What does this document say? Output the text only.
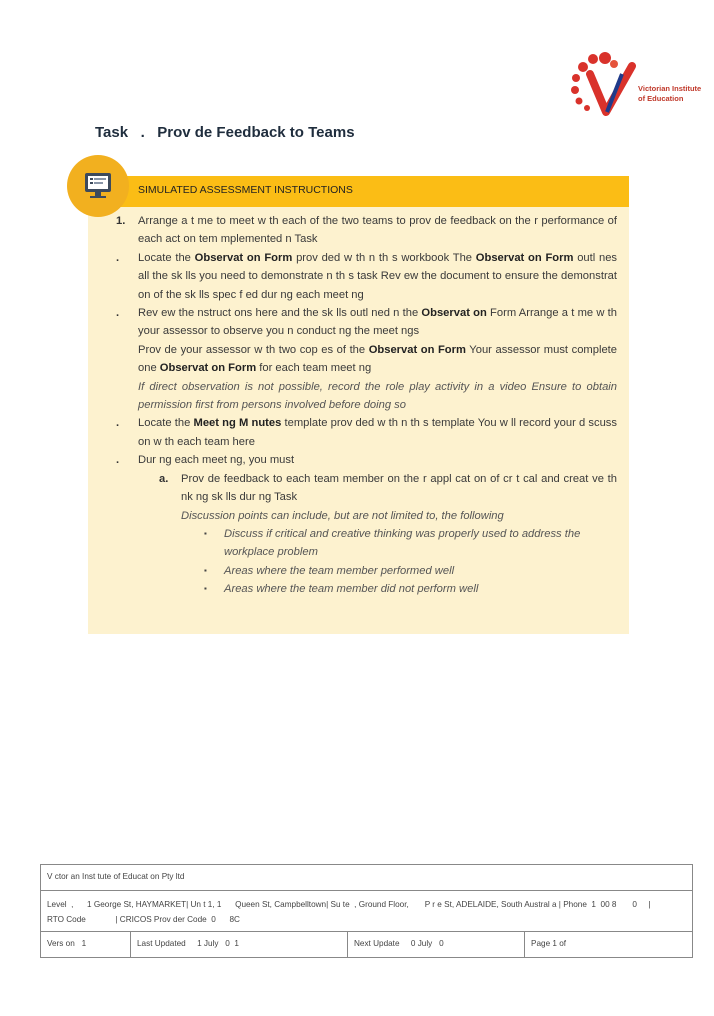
Victorian Institute
of Education
Task   .   Prov de Feedback to Teams
SIMULATED ASSESSMENT INSTRUCTIONS
1. Arrange a t me to meet w th each of the two teams to prov de feedback on the r performance of each act on tem mplemented n Task
. Locate the Observat on Form prov ded w th n th s workbook The Observat on Form outl nes all the sk lls you need to demonstrate n th s task Rev ew the document to ensure the demonstrat on of the sk lls spec f ed dur ng each meet ng
. Rev ew the nstruct ons here and the sk lls outl ned n the Observat on Form Arrange a t me w th your assessor to observe you n conduct ng the meet ngs
Prov de your assessor w th two cop es of the Observat on Form Your assessor must complete one Observat on Form for each team meet ng
If direct observation is not possible, record the role play activity in a video Ensure to obtain permission first from persons involved before doing so
. Locate the Meet ng M nutes template prov ded w th n th s template You w ll record your d scuss on w th each team here
. Dur ng each meet ng, you must
a. Prov de feedback to each team member on the r appl cat on of cr t cal and creat ve th nk ng sk lls dur ng Task
Discussion points can include, but are not limited to, the following
▪ Discuss if critical and creative thinking was properly used to address the workplace problem
▪ Areas where the team member performed well
▪ Areas where the team member did not perform well
V ctor an Inst tute of Educat on Pty ltd
Level  ,      1 George St, HAYMARKET| Un t 1, 1      Queen St, Campbelltown| Su te  , Ground Floor,       P r e St, ADELAIDE, South Austral a | Phone  1  00 8       0     |
RTO Code             | CRICOS Prov der Code  0      8C
Vers on   1	Last Updated     1 July   0  1	Next Update     0 July   0	Page 1 of
